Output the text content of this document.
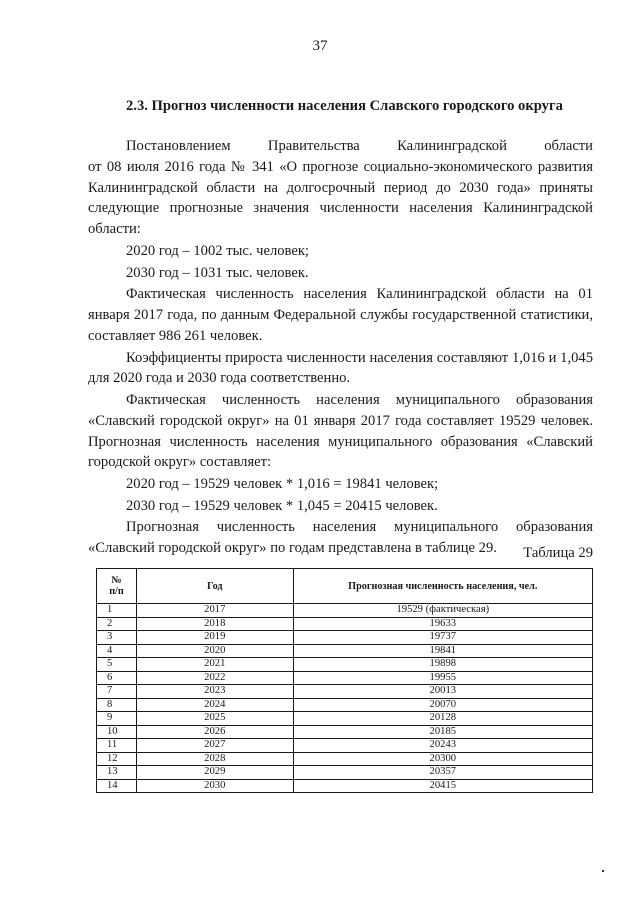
37
2.3. Прогноз численности населения Славского городского округа

Постановлением Правительства Калининградской области

от 08 июля 2016 года № 341 «О прогнозе социально-экономического развития Калининградской области на долгосрочный период до 2030 года» приняты следующие прогнозные значения численности населения Калининградской области:

2020 год – 1002 тыс. человек;

2030 год – 1031 тыс. человек.

Фактическая численность населения Калининградской области на 01 января 2017 года, по данным Федеральной службы государственной статистики, составляет 986 261 человек.

Коэффициенты прироста численности населения составляют 1,016 и 1,045 для 2020 года и 2030 года соответственно.

Фактическая численность населения муниципального образования «Славский городской округ» на 01 января 2017 года составляет 19529 человек. Прогнозная численность населения муниципального образования «Славский городской округ» составляет:

2020 год – 19529 человек * 1,016 = 19841 человек;

2030 год – 19529 человек * 1,045 = 20415 человек.

Прогнозная численность населения муниципального образования «Славский городской округ» по годам представлена в таблице 29.	Таблица 29
№
п/п	Год	Прогнозная численность населения, чел.
1	2017	19529 (фактическая)
2	2018	19633
3	2019	19737
4	2020	19841
5	2021	19898
6	2022	19955
7	2023	20013
8	2024	20070
9	2025	20128
10	2026	20185
11	2027	20243
12	2028	20300
13	2029	20357
14	2030	20415
